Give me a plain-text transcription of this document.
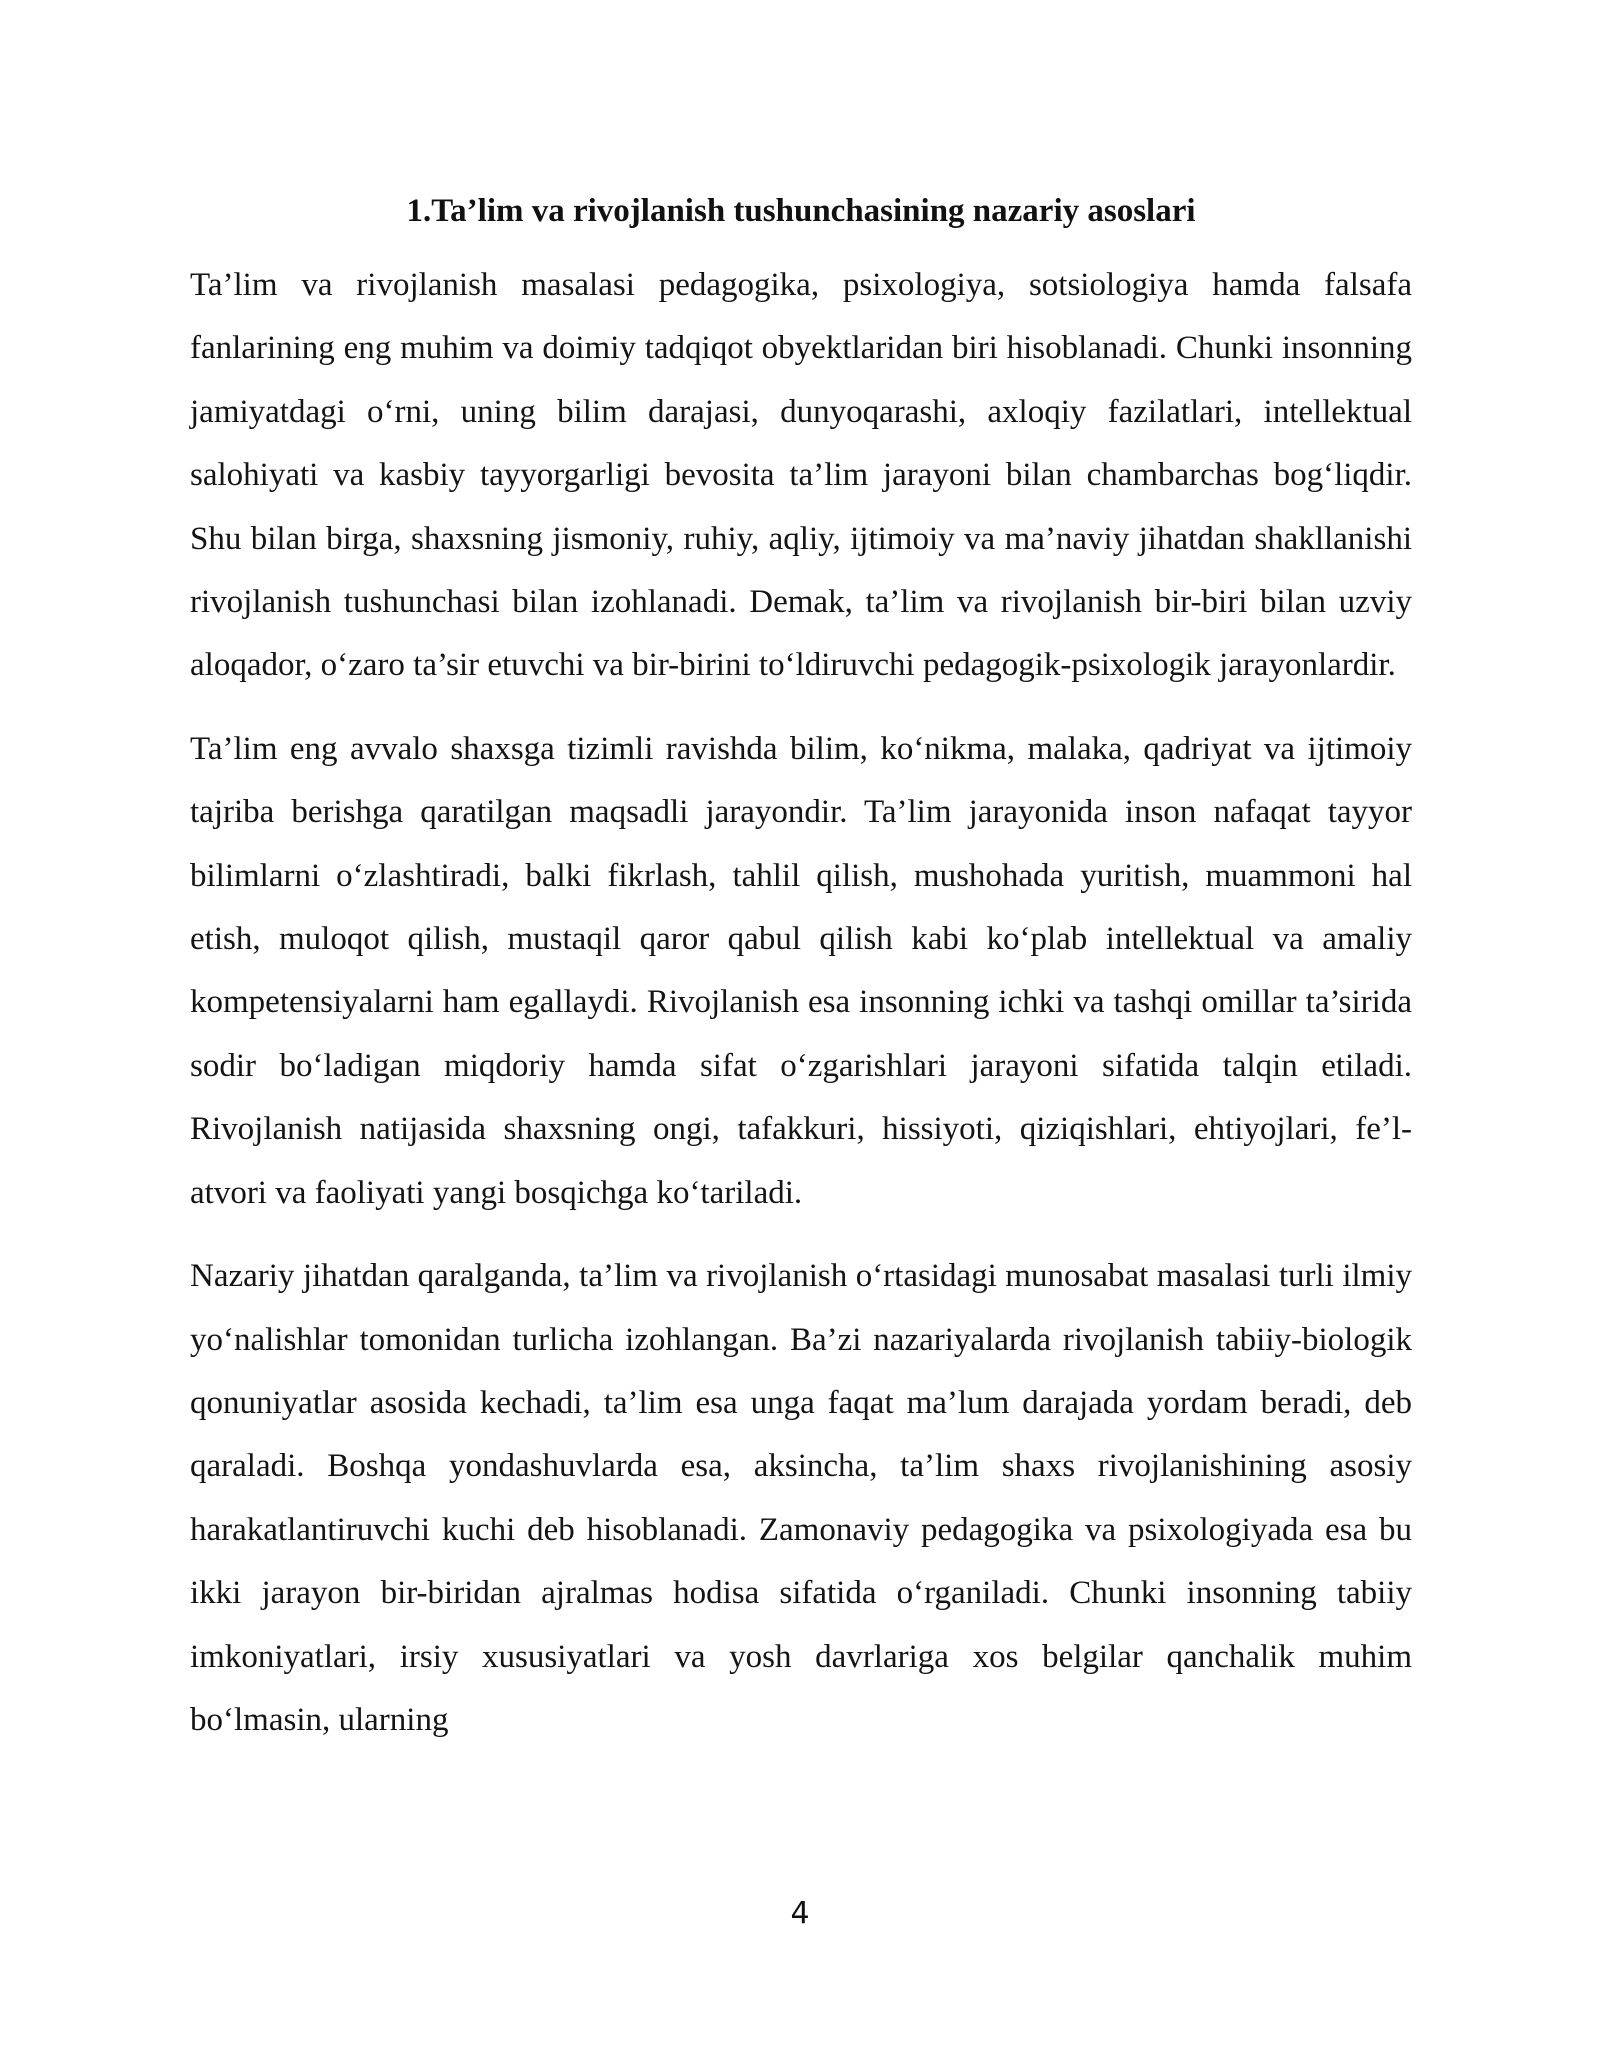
1.Ta’lim va rivojlanish tushunchasining nazariy asoslari

Ta’lim va rivojlanish masalasi pedagogika, psixologiya, sotsiologiya hamda falsafa fanlarining eng muhim va doimiy tadqiqot obyektlaridan biri hisoblanadi. Chunki insonning jamiyatdagi o‘rni, uning bilim darajasi, dunyoqarashi, axloqiy fazilatlari, intellektual salohiyati va kasbiy tayyorgarligi bevosita ta’lim jarayoni bilan chambarchas bog‘liqdir. Shu bilan birga, shaxsning jismoniy, ruhiy, aqliy, ijtimoiy va ma’naviy jihatdan shakllanishi rivojlanish tushunchasi bilan izohlanadi. Demak, ta’lim va rivojlanish bir-biri bilan uzviy aloqador, o‘zaro ta’sir etuvchi va bir-birini to‘ldiruvchi pedagogik-psixologik jarayonlardir.

Ta’lim eng avvalo shaxsga tizimli ravishda bilim, ko‘nikma, malaka, qadriyat va ijtimoiy tajriba berishga qaratilgan maqsadli jarayondir. Ta’lim jarayonida inson nafaqat tayyor bilimlarni o‘zlashtiradi, balki fikrlash, tahlil qilish, mushohada yuritish, muammoni hal etish, muloqot qilish, mustaqil qaror qabul qilish kabi ko‘plab intellektual va amaliy kompetensiyalarni ham egallaydi. Rivojlanish esa insonning ichki va tashqi omillar ta’sirida sodir bo‘ladigan miqdoriy hamda sifat o‘zgarishlari jarayoni sifatida talqin etiladi. Rivojlanish natijasida shaxsning ongi, tafakkuri, hissiyoti, qiziqishlari, ehtiyojlari, fe’l-atvori va faoliyati yangi bosqichga ko‘tariladi.

Nazariy jihatdan qaralganda, ta’lim va rivojlanish o‘rtasidagi munosabat masalasi turli ilmiy yo‘nalishlar tomonidan turlicha izohlangan. Ba’zi nazariyalarda rivojlanish tabiiy-biologik qonuniyatlar asosida kechadi, ta’lim esa unga faqat ma’lum darajada yordam beradi, deb qaraladi. Boshqa yondashuvlarda esa, aksincha, ta’lim shaxs rivojlanishining asosiy harakatlantiruvchi kuchi deb hisoblanadi. Zamonaviy pedagogika va psixologiyada esa bu ikki jarayon bir-biridan ajralmas hodisa sifatida o‘rganiladi. Chunki insonning tabiiy imkoniyatlari, irsiy xususiyatlari va yosh davrlariga xos belgilar qanchalik muhim bo‘lmasin, ularning

4
